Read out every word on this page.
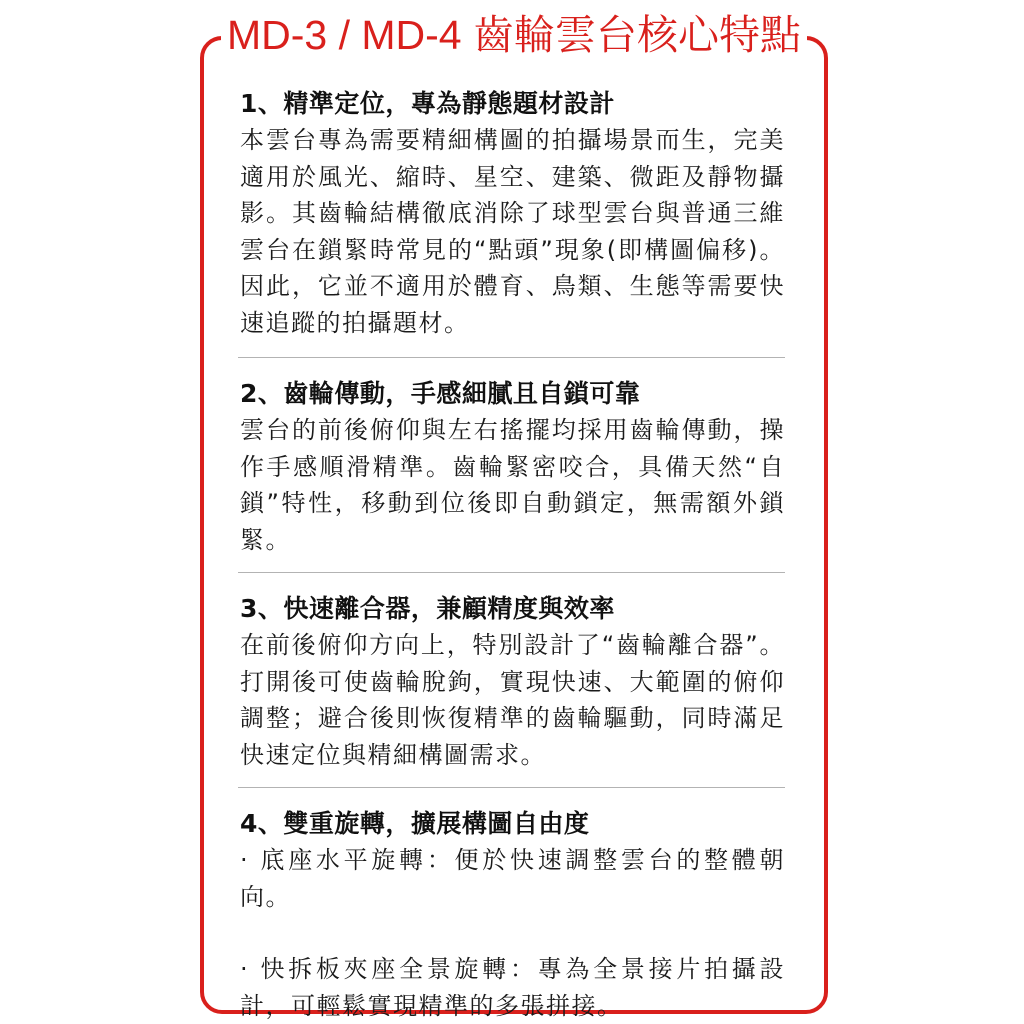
MD-3 / MD-4 齒輪雲台核心特點
1、精準定位，專為靜態題材設計
本雲台專為需要精細構圖的拍攝場景而生，完美適用於風光、縮時、星空、建築、微距及靜物攝影。其齒輪結構徹底消除了球型雲台與普通三維雲台在鎖緊時常見的“點頭”現象(即構圖偏移)。因此，它並不適用於體育、鳥類、生態等需要快速追蹤的拍攝題材。
2、齒輪傳動，手感細膩且自鎖可靠
雲台的前後俯仰與左右搖擺均採用齒輪傳動，操作手感順滑精準。齒輪緊密咬合，具備天然“自鎖”特性，移動到位後即自動鎖定，無需額外鎖緊。
3、快速離合器，兼顧精度與效率
在前後俯仰方向上，特別設計了“齒輪離合器”。打開後可使齒輪脫鉤，實現快速、大範圍的俯仰調整；避合後則恢復精準的齒輪驅動，同時滿足快速定位與精細構圖需求。
4、雙重旋轉，擴展構圖自由度
· 底座水平旋轉：便於快速調整雲台的整體朝向。
· 快拆板夾座全景旋轉：專為全景接片拍攝設計，可輕鬆實現精準的多張拼接。
